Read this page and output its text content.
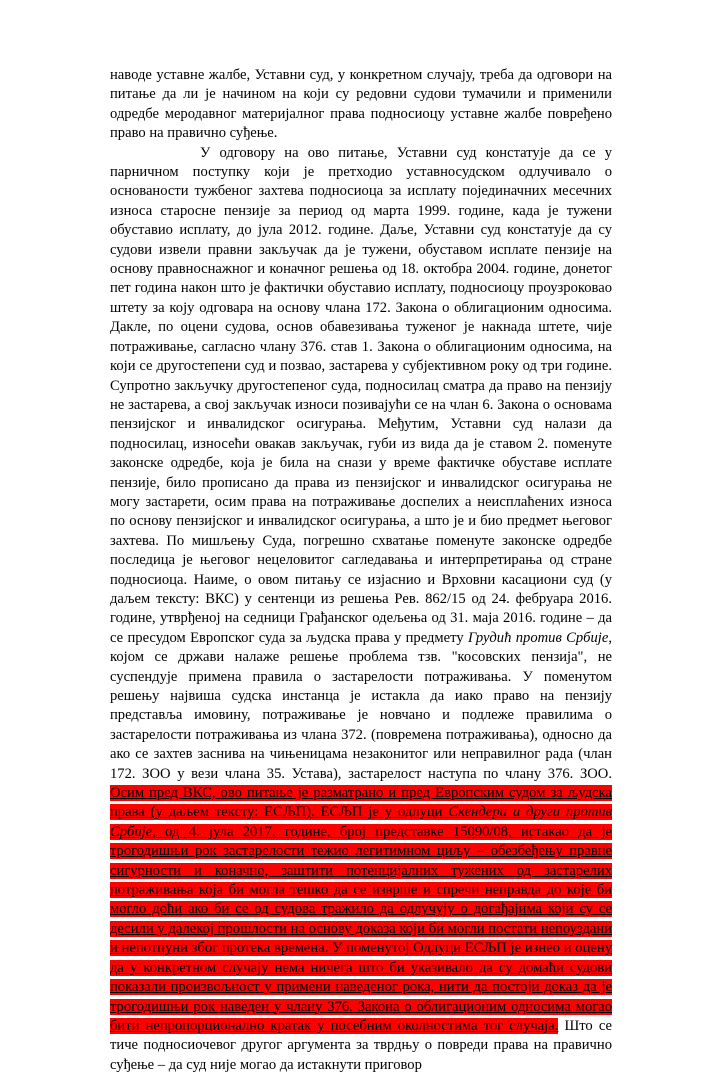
наводе уставне жалбе, Уставни суд, у конкретном случају, треба да одговори на питање да ли је начином на који су редовни судови тумачили и применили одредбе меродавног материјалног права подносиоцу уставне жалбе повређено право на правично суђење.

У одговору на ово питање, Уставни суд констатује да се у парничном поступку који је претходио уставносудском одлучивало о основаности тужбеног захтева подносиоца за исплату појединачних месечних износа старосне пензије за период од марта 1999. године, када је тужени обуставио исплату, до јула 2012. године. Даље, Уставни суд констатује да су судови извели правни закључак да је тужени, обуставом исплате пензије на основу правноснажног и коначног решења од 18. октобра 2004. године, донетог пет година након што је фактички обуставио исплату, подносиоцу проузроковао штету за коју одговара на основу члана 172. Закона о облигационим односима. Дакле, по оцени судова, основ обавезивања туженог је накнада штете, чије потраживање, сагласно члану 376. став 1. Закона о облигационим односима, на који се другостепени суд и позвао, застарева у субјективном року од три године. Супротно закључку другостепеног суда, подносилац сматра да право на пензију не застарева, а свој закључак износи позивајући се на члан 6. Закона о основама пензијског и инвалидског осигурања. Међутим, Уставни суд налази да подносилац, износећи овакав закључак, губи из вида да је ставом 2. поменуте законске одредбе, која је била на снази у време фактичке обуставе исплате пензије, било прописано да права из пензијског и инвалидског осигурања не могу застарети, осим права на потраживање доспелих а неисплаћених износа по основу пензијског и инвалидског осигурања, а што је и био предмет његовог захтева. По мишљењу Суда, погрешно схватање поменуте законске одредбе последица је његовог нецеловитог сагледавања и интерпретирања од стране подносиоца. Наиме, о овом питању се изјаснио и Врховни касациони суд (у даљем тексту: ВКС) у сентенци из решења Рев. 862/15 од 24. фебруара 2016. године, утврђеној на седници Грађанског одељења од 31. маја 2016. године – да се пресудом Европског суда за људска права у предмету Грудић против Србије, којом се држави налаже решење проблема тзв. "косовских пензија", не суспендује примена правила о застарелости потраживања. У поменутом решењу највиша судска инстанца је истакла да иако право на пензију представља имовину, потраживање је новчано и подлеже правилима о застарелости потраживања из члана 372. (повремена потраживања), односно да ако се захтев заснива на чињеницама незаконитог или неправилног рада (члан 172. ЗОО у вези члана 35. Устава), застарелост наступа по члану 376. ЗОО. Осим пред ВКС, ово питање је разматрано и пред Европским судом за људска права (у даљем тексту: ЕСЉП). ЕСЉП је у одлуци Скендери и други против Србије, од 4. јула 2017. године, број представке 15090/08, истакао да је трогодишњи рок застарелости тежио легитимном циљу – обезбеђењу правне сигурности и коначно, заштити потенцијалних тужених од застарелих потраживања која би могла тешко да се изврше и спречи неправда до које би могло доћи ако би се од судова тражило да одлучују о догађајима који су се десили у далекој прошлости на основу доказа који би могли постати непоуздани и непотпуни због протека времена. У поменутој Одлуци ЕСЉП је изнео и оцену да у конкретном случају нема ничега што би указивало да су домаћи судови показали произвољност у примени наведеног рока, нити да постоји доказ да је трогодишњи рок наведен у члану 376. Закона о облигационим односима могао бити непропорционално кратак у посебним околностима тог случаја. Што се тиче подносиочевог другог аргумента за тврдњу о повреди права на правично суђење – да суд није могао да истакнути приговор
